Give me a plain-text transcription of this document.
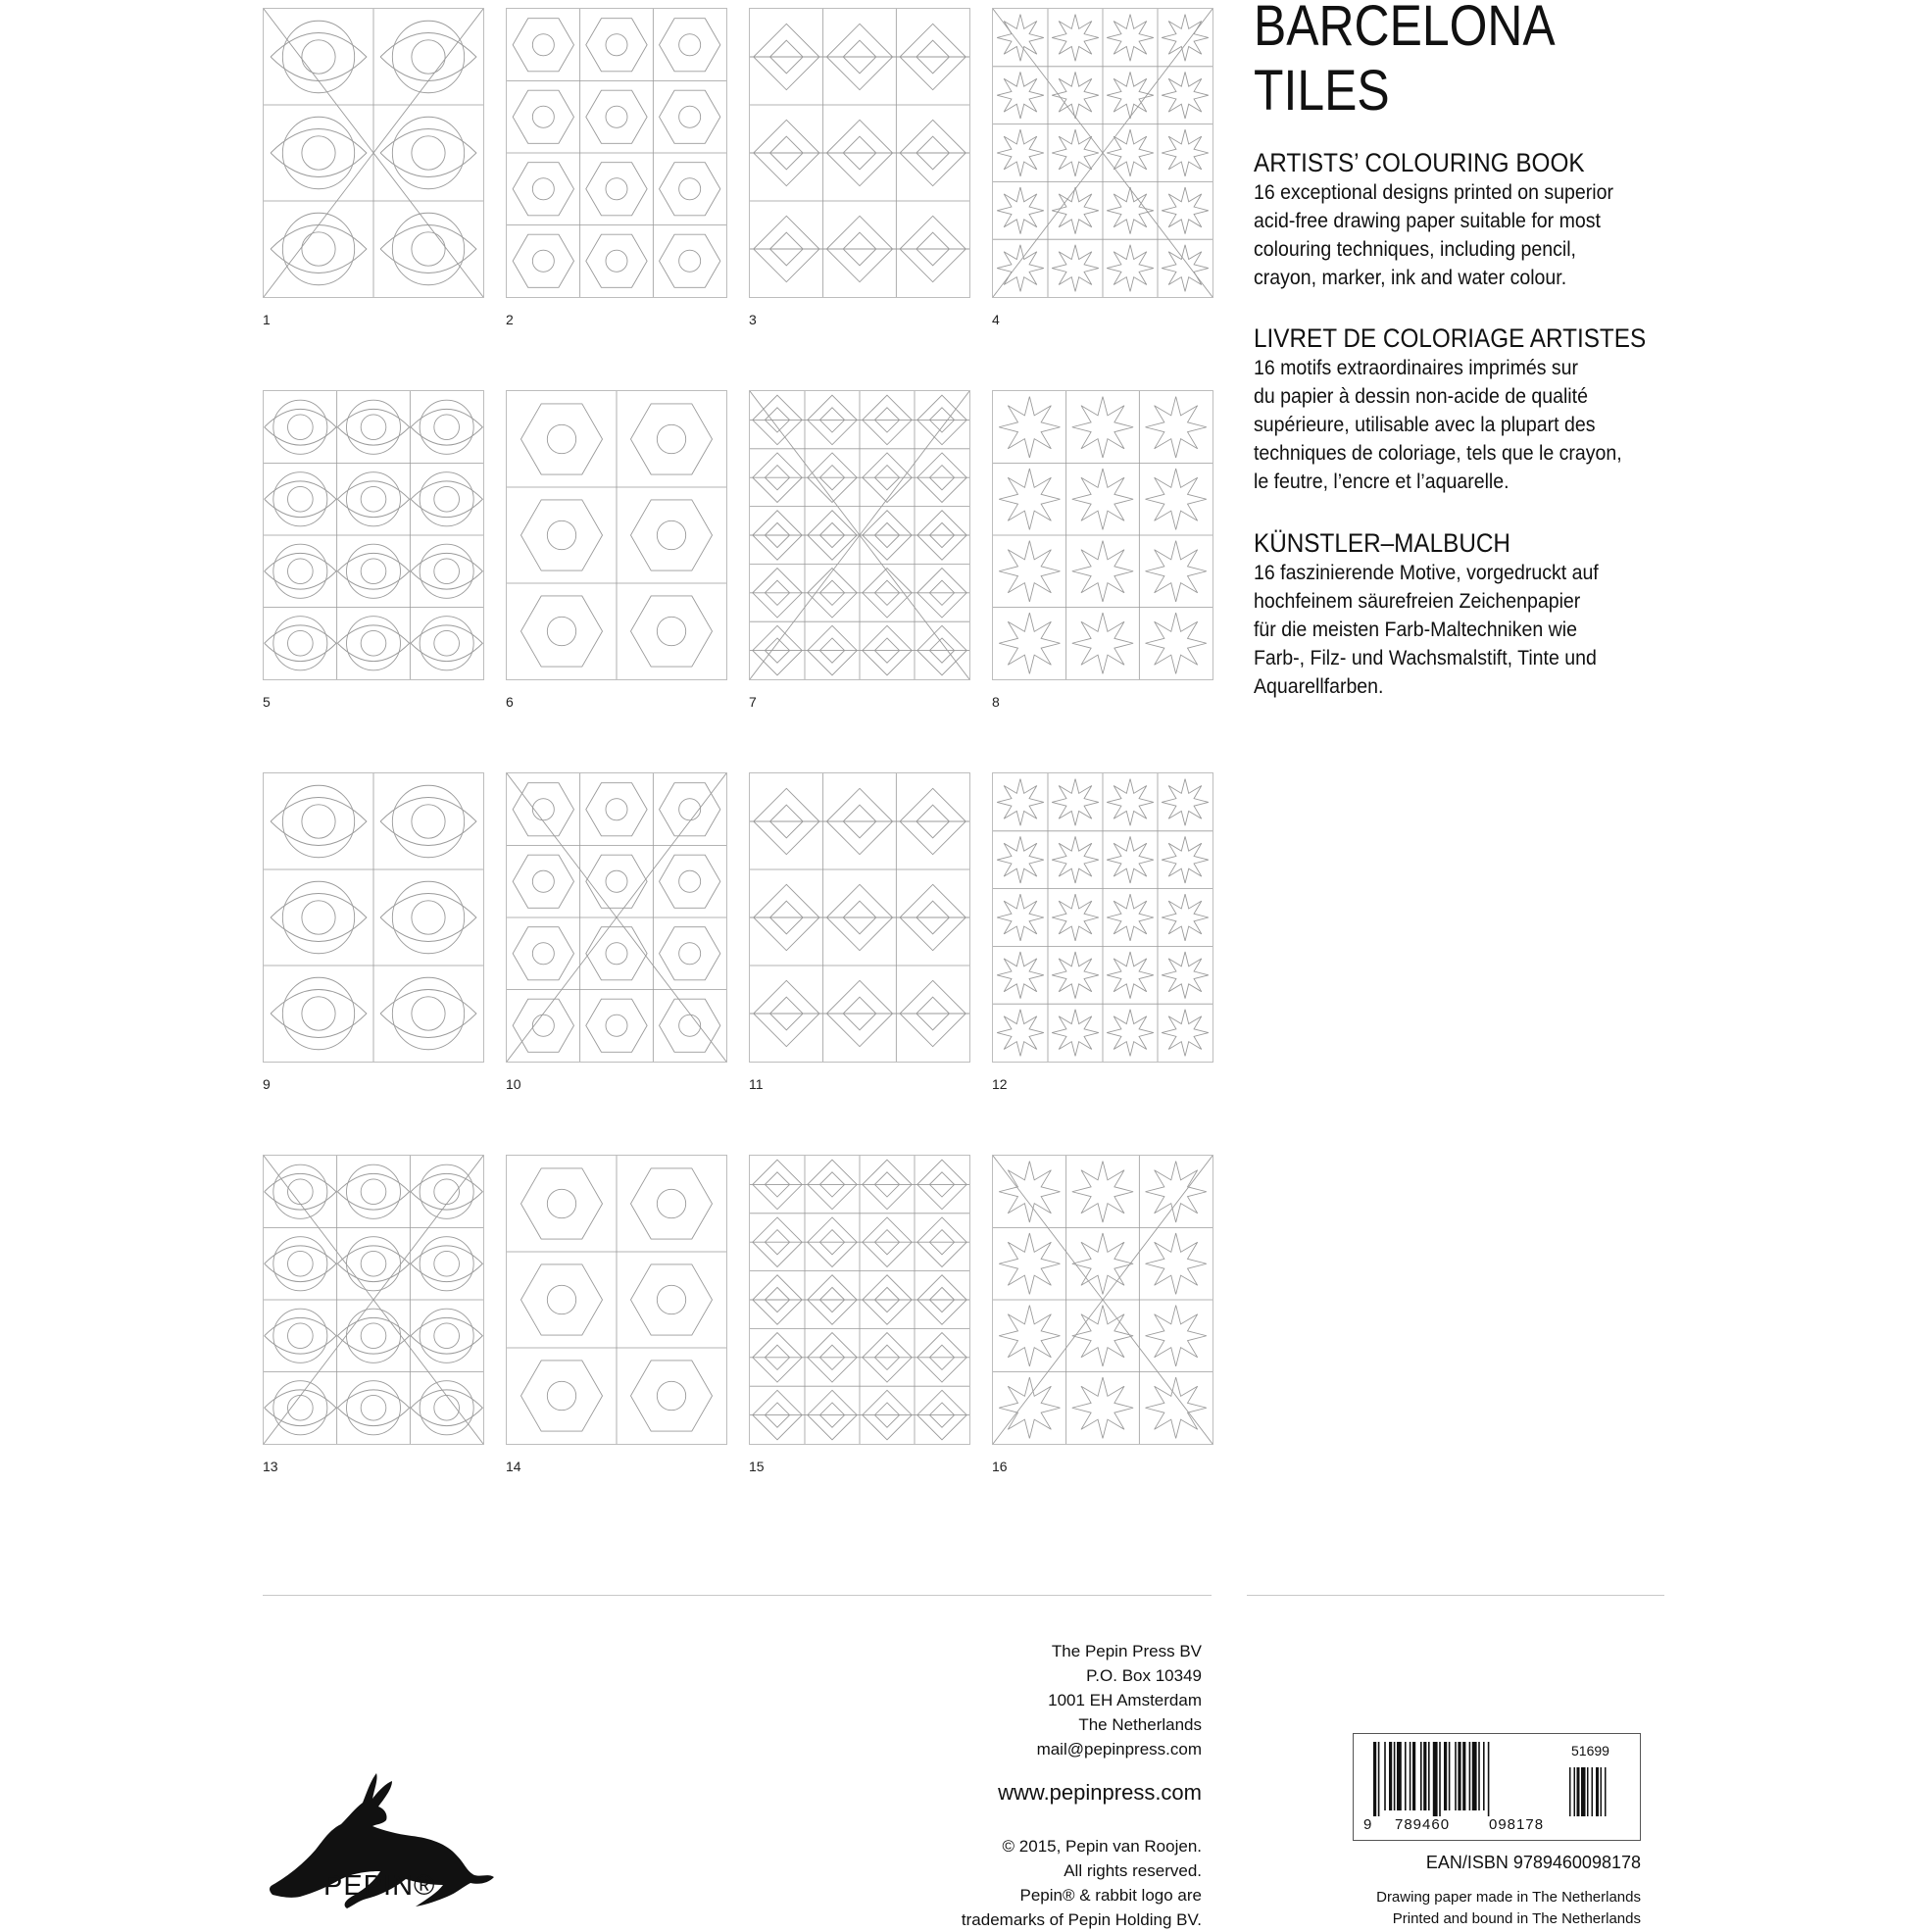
1	2	3	4
5	6	7	8
9	10	11	12
13	14	15	16
BARCELONA
TILES
ARTISTS’ COLOURING BOOK

16 exceptional designs printed on superior
acid-free drawing paper suitable for most
colouring techniques, including pencil,
crayon, marker, ink and water colour.

LIVRET DE COLORIAGE ARTISTES

16 motifs extraordinaires imprimés sur
du papier à dessin non-acide de qualité
supérieure, utilisable avec la plupart des
techniques de coloriage, tels que le crayon,
le feutre, l’encre et l’aquarelle.

KÜNSTLER–MALBUCH

16 faszinierende Motive, vorgedruckt auf
hochfeinem säurefreien Zeichenpapier
für die meisten Farb-Maltechniken wie
Farb-, Filz- und Wachsmalstift, Tinte und
Aquarellfarben.

The Pepin Press BV
P.O. Box 10349
1001 EH Amsterdam
The Netherlands
mail@pepinpress.com
www.pepinpress.com
© 2015, Pepin van Roojen.
All rights reserved.
Pepin® & rabbit logo are
trademarks of Pepin Holding BV.
PEPIN®
9 789460	098178
51699
EAN/ISBN 9789460098178
Drawing paper made in The Netherlands
Printed and bound in The Netherlands
